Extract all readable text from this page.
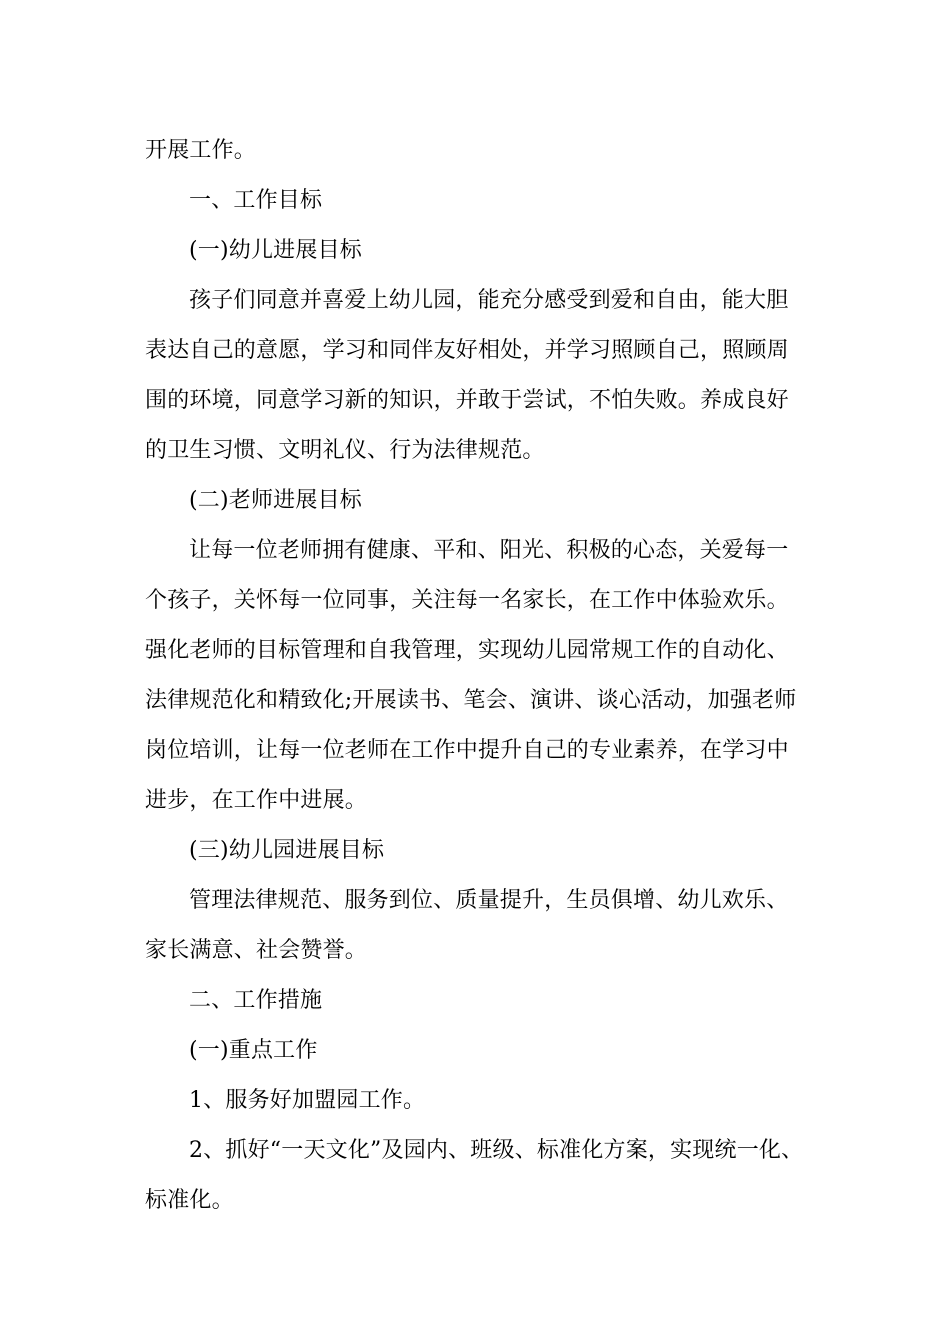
开展工作。
一、工作目标
(一)幼儿进展目标
孩子们同意并喜爱上幼儿园，能充分感受到爱和自由，能大胆
表达自己的意愿，学习和同伴友好相处，并学习照顾自己，照顾周
围的环境，同意学习新的知识，并敢于尝试，不怕失败。养成良好
的卫生习惯、文明礼仪、行为法律规范。
(二)老师进展目标
让每一位老师拥有健康、平和、阳光、积极的心态，关爱每一
个孩子，关怀每一位同事，关注每一名家长，在工作中体验欢乐。
强化老师的目标管理和自我管理，实现幼儿园常规工作的自动化、
法律规范化和精致化;开展读书、笔会、演讲、谈心活动，加强老师
岗位培训，让每一位老师在工作中提升自己的专业素养，在学习中
进步，在工作中进展。
(三)幼儿园进展目标
管理法律规范、服务到位、质量提升，生员俱增、幼儿欢乐、
家长满意、社会赞誉。
二、工作措施
(一)重点工作
1、服务好加盟园工作。
2、抓好“一天文化”及园内、班级、标准化方案，实现统一化、
标准化。
